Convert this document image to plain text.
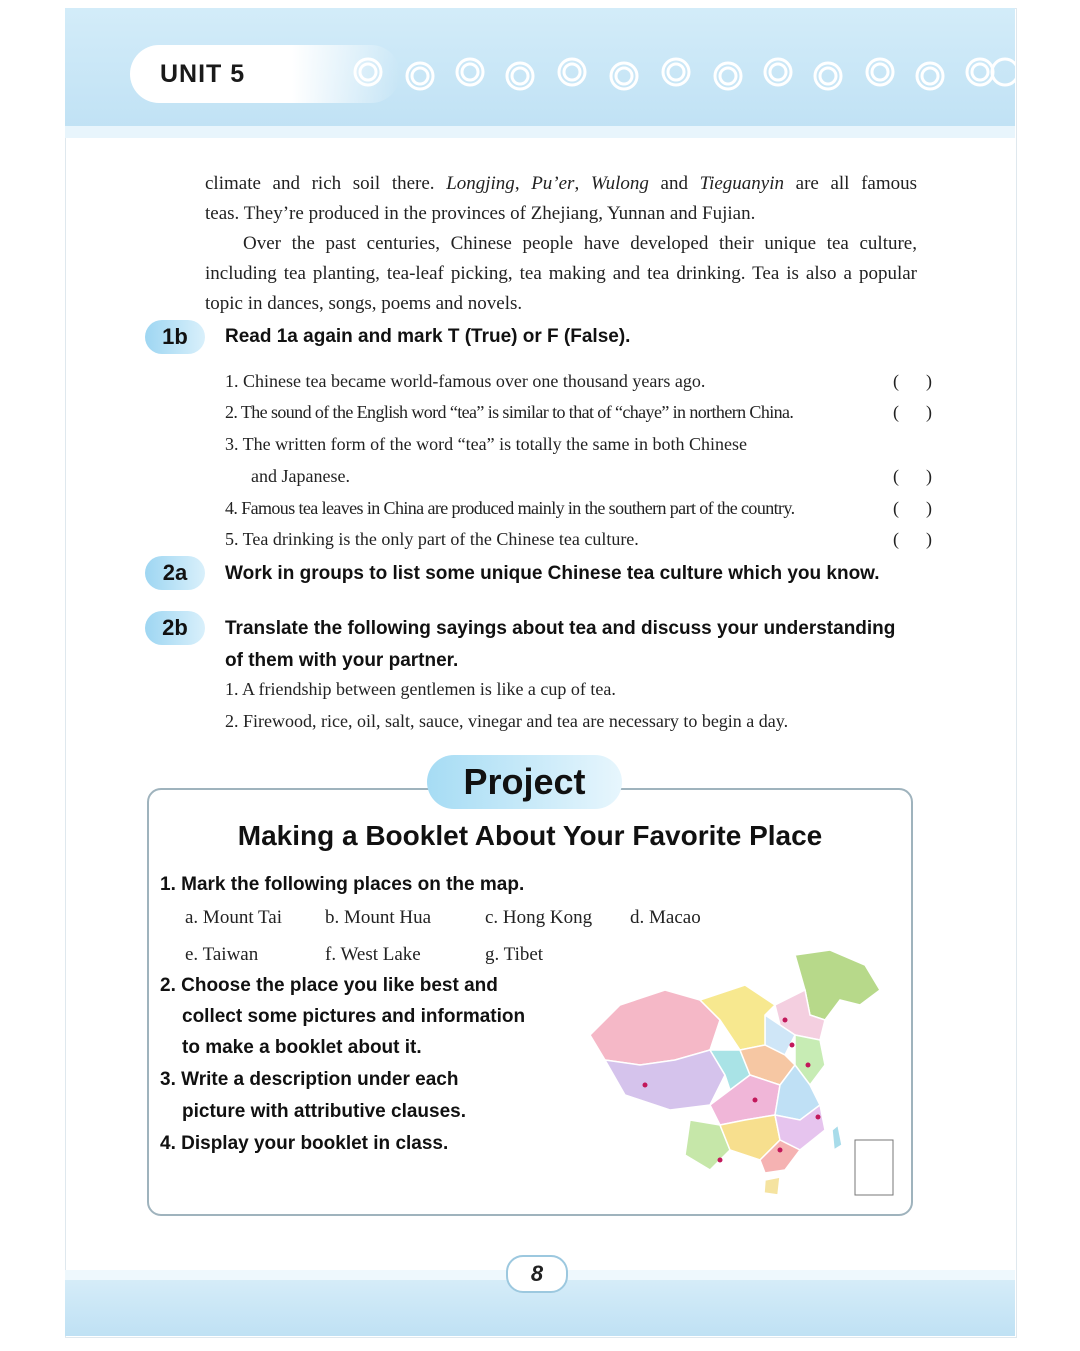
UNIT 5

climate and rich soil there. Longjing, Pu’er, Wulong and Tieguanyin are all famous

teas. They’re produced in the provinces of Zhejiang, Yunnan and Fujian.

Over the past centuries, Chinese people have developed their unique tea culture, including tea planting, tea-leaf picking, tea making and tea drinking. Tea is also a popular topic in dances, songs, poems and novels.

1b	Read 1a again and mark T (True) or F (False).
1. Chinese tea became world-famous over one thousand years ago.	(      )
2. The sound of the English word “tea” is similar to that of “chaye” in northern China.	(      )
3. The written form of the word “tea” is totally the same in both Chinese
and Japanese.	(      )
4. Famous tea leaves in China are produced mainly in the southern part of the country.	(      )
5. Tea drinking is the only part of the Chinese tea culture.	(      )
2a	Work in groups to list some unique Chinese tea culture which you know.
2b	Translate the following sayings about tea and discuss your understanding
of them with your partner.
1. A friendship between gentlemen is like a cup of tea.
2. Firewood, rice, oil, salt, sauce, vinegar and tea are necessary to begin a day.
Project
Making a Booklet About Your Favorite Place
1. Mark the following places on the map.
a. Mount Tai b. Mount Hua	c. Hong Kong d. Macao
e. Taiwan	f. West Lake	g. Tibet
2. Choose the place you like best and
collect some pictures and information
to make a booklet about it.
3. Write a description under each
picture with attributive clauses.
4. Display your booklet in class.
8
